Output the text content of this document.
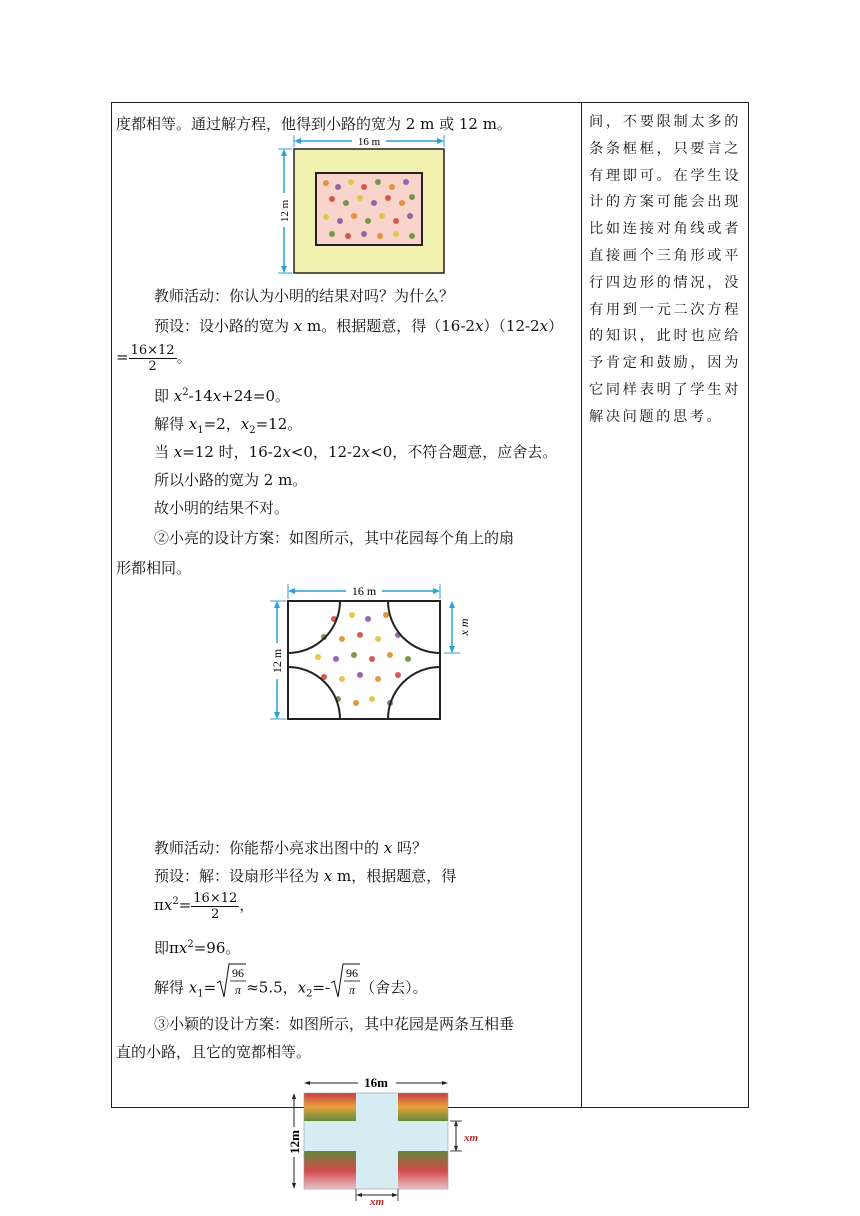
度都相等。通过解方程，他得到小路的宽为 2 m 或 12 m。
16 m
12 m
教师活动：你认为小明的结果对吗？为什么？
预设：设小路的宽为 x m。根据题意，得（16-2x）（12-2x）
= $\frac{16\times 12}{2}$ 。
即 $x^2-14x+24=0$。
解得 $x_1=2$，$x_2=12$。
当 x=12 时，16-2x<0，12-2x<0，不符合题意，应舍去。
所以小路的宽为 2 m。
故小明的结果不对。
②小亮的设计方案：如图所示，其中花园每个角上的扇
形都相同。
16 m
12 m
x m
教师活动：你能帮小亮求出图中的 x 吗？
预设：解：设扇形半径为 x m，根据题意，得
$\pi x^2= \frac{16\times 12}{2}$ ，
即$\pi x^2=96$。
解得 $x_1=$
96
π ≈5.5，$x_2=-$
96
π （舍去）。
③小颖的设计方案：如图所示，其中花园是两条互相垂
直的小路，且它的宽都相等。
16m
12m	xm
xm

间，不要限制太多的条条框框，只要言之有理即可。在学生设计的方案可能会出现比如连接对角线或者直接画个三角形或平行四边形的情况，没有用到一元二次方程的知识，此时也应给予肯定和鼓励，因为它同样表明了学生对解决问题的思考。
